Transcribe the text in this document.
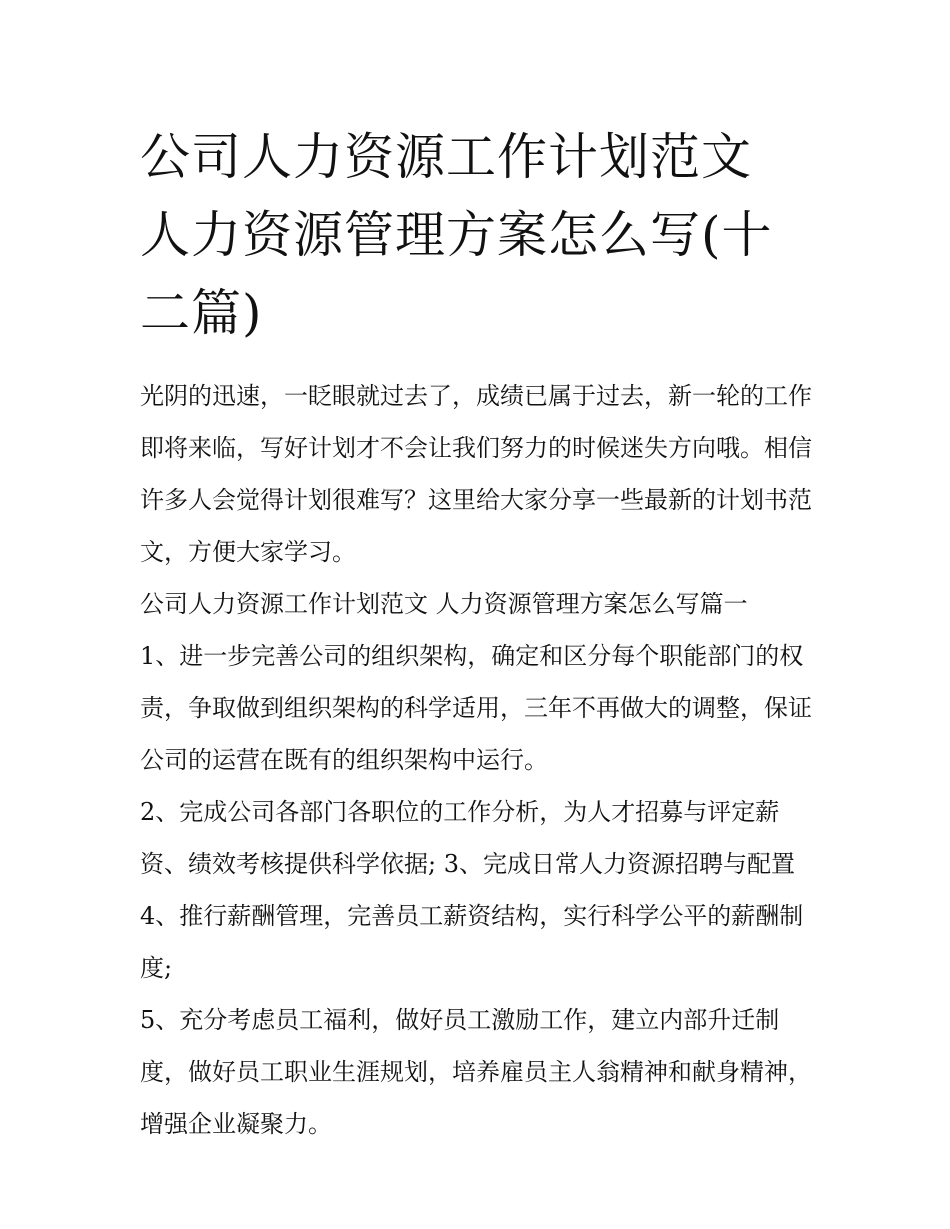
公司人力资源工作计划范文 人力资源管理方案怎么写(十二篇)

光阴的迅速，一眨眼就过去了，成绩已属于过去，新一轮的工作即将来临，写好计划才不会让我们努力的时候迷失方向哦。相信许多人会觉得计划很难写？这里给大家分享一些最新的计划书范文，方便大家学习。

公司人力资源工作计划范文 人力资源管理方案怎么写篇一

1、进一步完善公司的组织架构，确定和区分每个职能部门的权责，争取做到组织架构的科学适用，三年不再做大的调整，保证公司的运营在既有的组织架构中运行。

2、完成公司各部门各职位的工作分析，为人才招募与评定薪资、绩效考核提供科学依据; 3、完成日常人力资源招聘与配置

4、推行薪酬管理，完善员工薪资结构，实行科学公平的薪酬制度;

5、充分考虑员工福利，做好员工激励工作，建立内部升迁制度，做好员工职业生涯规划，培养雇员主人翁精神和献身精神，增强企业凝聚力。
